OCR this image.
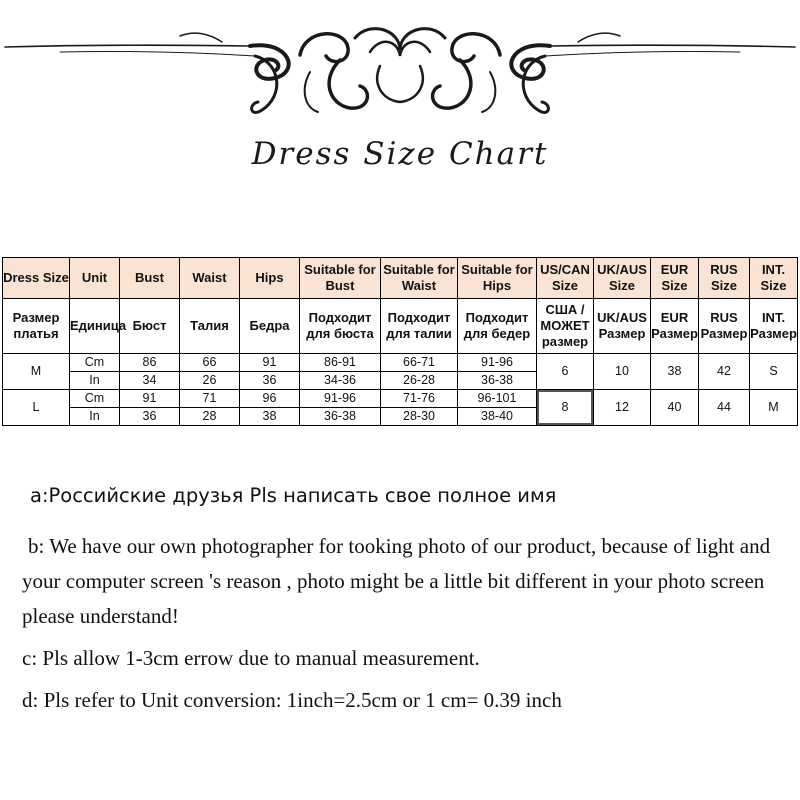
Dress Size Chart
Dress Size	Unit	Bust	Waist	Hips	Suitable for Bust	Suitable for Waist	Suitable for Hips	US/CAN Size	UK/AUS Size	EUR Size	RUS Size	INT. Size
Размер платья	Единица	Бюст	Талия	Бедра	Подходит для бюста	Подходит для талии	Подходит для бедер	США / МОЖЕТ размер	UK/AUS Размер	EUR Размер	RUS Размер	INT. Размер
M	Cm	86	66	91	86-91	66-71	91-96	6	10	38	42	S
	In	34	26	36	34-36	26-28	36-38					
L	Cm	91	71	96	91-96	71-76	96-101	8	12	40	44	M
	In	36	28	38	36-38	28-30	38-40					

a:Российские друзья Pls написать свое полное имя

b: We have our own photographer for tooking photo of our product, because of light and your computer screen 's reason , photo might be a little bit different in your photo screen please understand!

c: Pls allow 1-3cm errow due to manual measurement.

d: Pls refer to Unit conversion: 1inch=2.5cm or 1 cm= 0.39 inch
